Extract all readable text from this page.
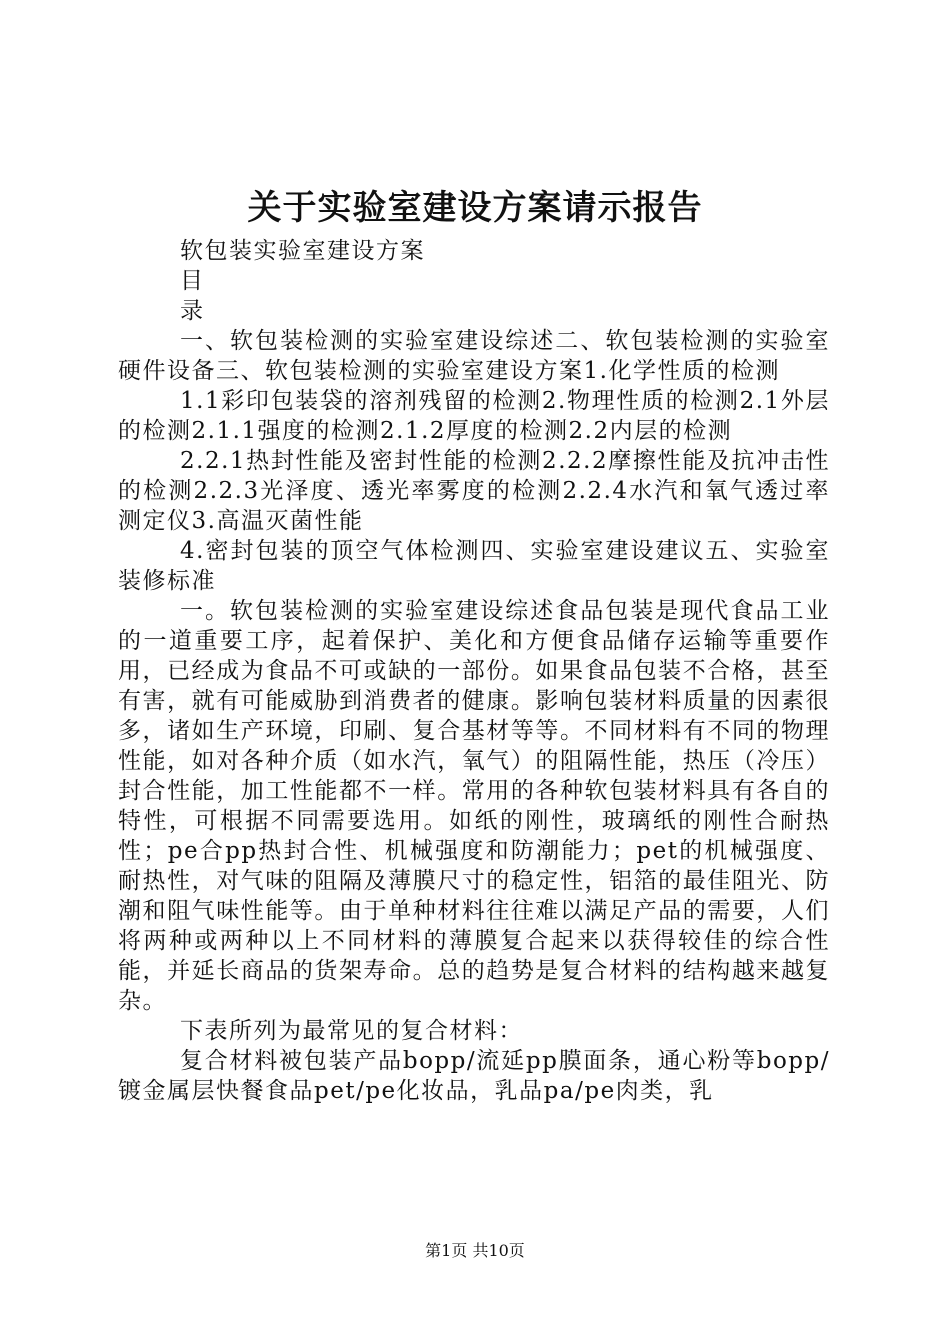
关于实验室建设方案请示报告

软包装实验室建设方案

目

录

一、软包装检测的实验室建设综述二、软包装检测的实验室硬件设备三、软包装检测的实验室建设方案1.化学性质的检测

1.1彩印包装袋的溶剂残留的检测2.物理性质的检测2.1外层的检测2.1.1强度的检测2.1.2厚度的检测2.2内层的检测

2.2.1热封性能及密封性能的检测2.2.2摩擦性能及抗冲击性的检测2.2.3光泽度、透光率雾度的检测2.2.4水汽和氧气透过率测定仪3.高温灭菌性能

4.密封包装的顶空气体检测四、实验室建设建议五、实验室装修标准

一。软包装检测的实验室建设综述食品包装是现代食品工业的一道重要工序，起着保护、美化和方便食品储存运输等重要作用，已经成为食品不可或缺的一部份。如果食品包装不合格，甚至有害，就有可能威胁到消费者的健康。影响包装材料质量的因素很多，诸如生产环境，印刷、复合基材等等。不同材料有不同的物理性能，如对各种介质（如水汽，氧气）的阻隔性能，热压（冷压）封合性能，加工性能都不一样。常用的各种软包装材料具有各自的特性，可根据不同需要选用。如纸的刚性，玻璃纸的刚性合耐热性；pe合pp热封合性、机械强度和防潮能力；pet的机械强度、耐热性，对气味的阻隔及薄膜尺寸的稳定性，铝箔的最佳阻光、防潮和阻气味性能等。由于单种材料往往难以满足产品的需要，人们将两种或两种以上不同材料的薄膜复合起来以获得较佳的综合性能，并延长商品的货架寿命。总的趋势是复合材料的结构越来越复杂。

下表所列为最常见的复合材料：

复合材料被包装产品bopp/流延pp膜面条，通心粉等bopp/镀金属层快餐食品pet/pe化妆品，乳品pa/pe肉类，乳

第1页 共10页
